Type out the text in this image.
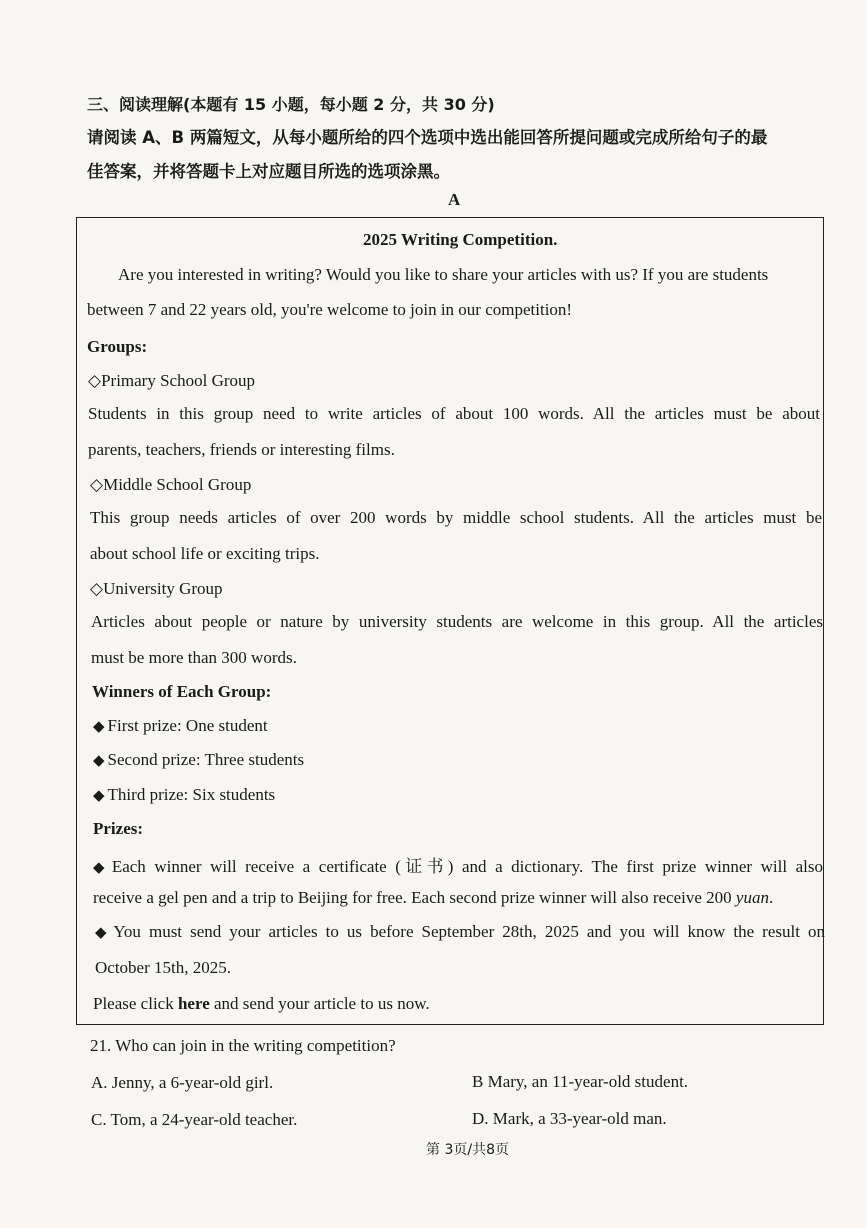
三、阅读理解(本题有 15 小题，每小题 2 分，共 30 分)
请阅读 A、B 两篇短文，从每小题所给的四个选项中选出能回答所提问题或完成所给句子的最
佳答案，并将答题卡上对应题目所选的选项涂黑。
A
2025 Writing Competition.
Are you interested in writing? Would you like to share your articles with us? If you are students
between 7 and 22 years old, you're welcome to join in our competition!
Groups:
◇Primary School Group
Students in this group need to write articles of about 100 words. All the articles must be about
parents, teachers, friends or interesting films.
◇Middle School Group
This group needs articles of over 200 words by middle school students. All the articles must be
about school life or exciting trips.
◇University Group
Articles about people or nature by university students are welcome in this group. All the articles
must be more than 300 words.
Winners of Each Group:
◆ First prize: One student
◆ Second prize: Three students
◆ Third prize: Six students
Prizes:
◆ Each winner will receive a certificate (证书) and a dictionary. The first prize winner will also
receive a gel pen and a trip to Beijing for free. Each second prize winner will also receive 200 yuan.
◆ You must send your articles to us before September 28th, 2025 and you will know the result on
October 15th, 2025.
Please click here and send your article to us now.
21. Who can join in the writing competition?
A. Jenny, a 6-year-old girl.	B Mary, an 11-year-old student.
C. Tom, a 24-year-old teacher.	D. Mark, a 33-year-old man.
第 3页/共8页
